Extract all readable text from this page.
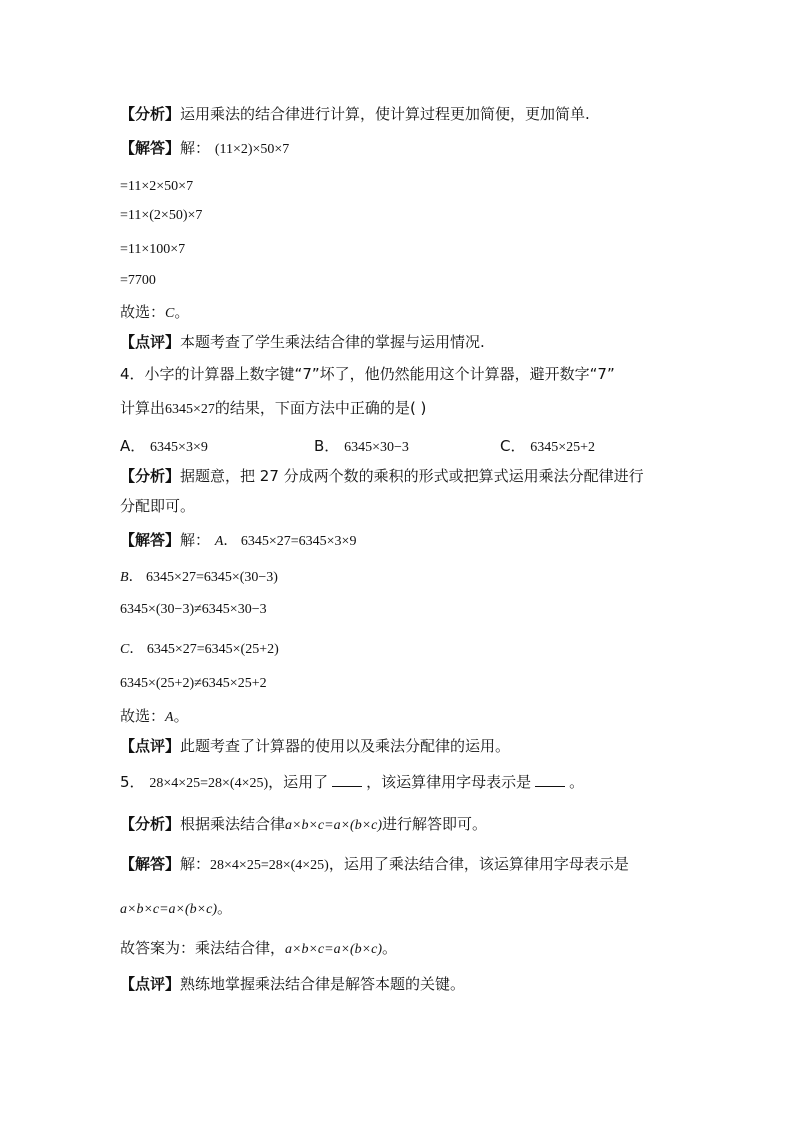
【分析】运用乘法的结合律进行计算，使计算过程更加简便，更加简单.
【解答】解： (11×2)×50×7
=11×2×50×7
=11×(2×50)×7
=11×100×7
=7700
故选：C。
【点评】本题考查了学生乘法结合律的掌握与运用情况.
4．小字的计算器上数字键“7”坏了，他仍然能用这个计算器，避开数字“7”
计算出6345×27的结果，下面方法中正确的是( )
A． 6345×3×9	B． 6345×30−3	C． 6345×25+2
【分析】据题意，把 27 分成两个数的乘积的形式或把算式运用乘法分配律进行
分配即可。
【解答】解： A． 6345×27=6345×3×9
B． 6345×27=6345×(30−3)
6345×(30−3)≠6345×30−3
C． 6345×27=6345×(25+2)
6345×(25+2)≠6345×25+2
故选：A。
【点评】此题考查了计算器的使用以及乘法分配律的运用。
5． 28×4×25=28×(4×25)，运用了	，该运算律用字母表示是	。
【分析】根据乘法结合律a×b×c=a×(b×c)进行解答即可。
【解答】解：28×4×25=28×(4×25)，运用了乘法结合律，该运算律用字母表示是
a×b×c=a×(b×c)。
故答案为：乘法结合律，a×b×c=a×(b×c)。
【点评】熟练地掌握乘法结合律是解答本题的关键。
